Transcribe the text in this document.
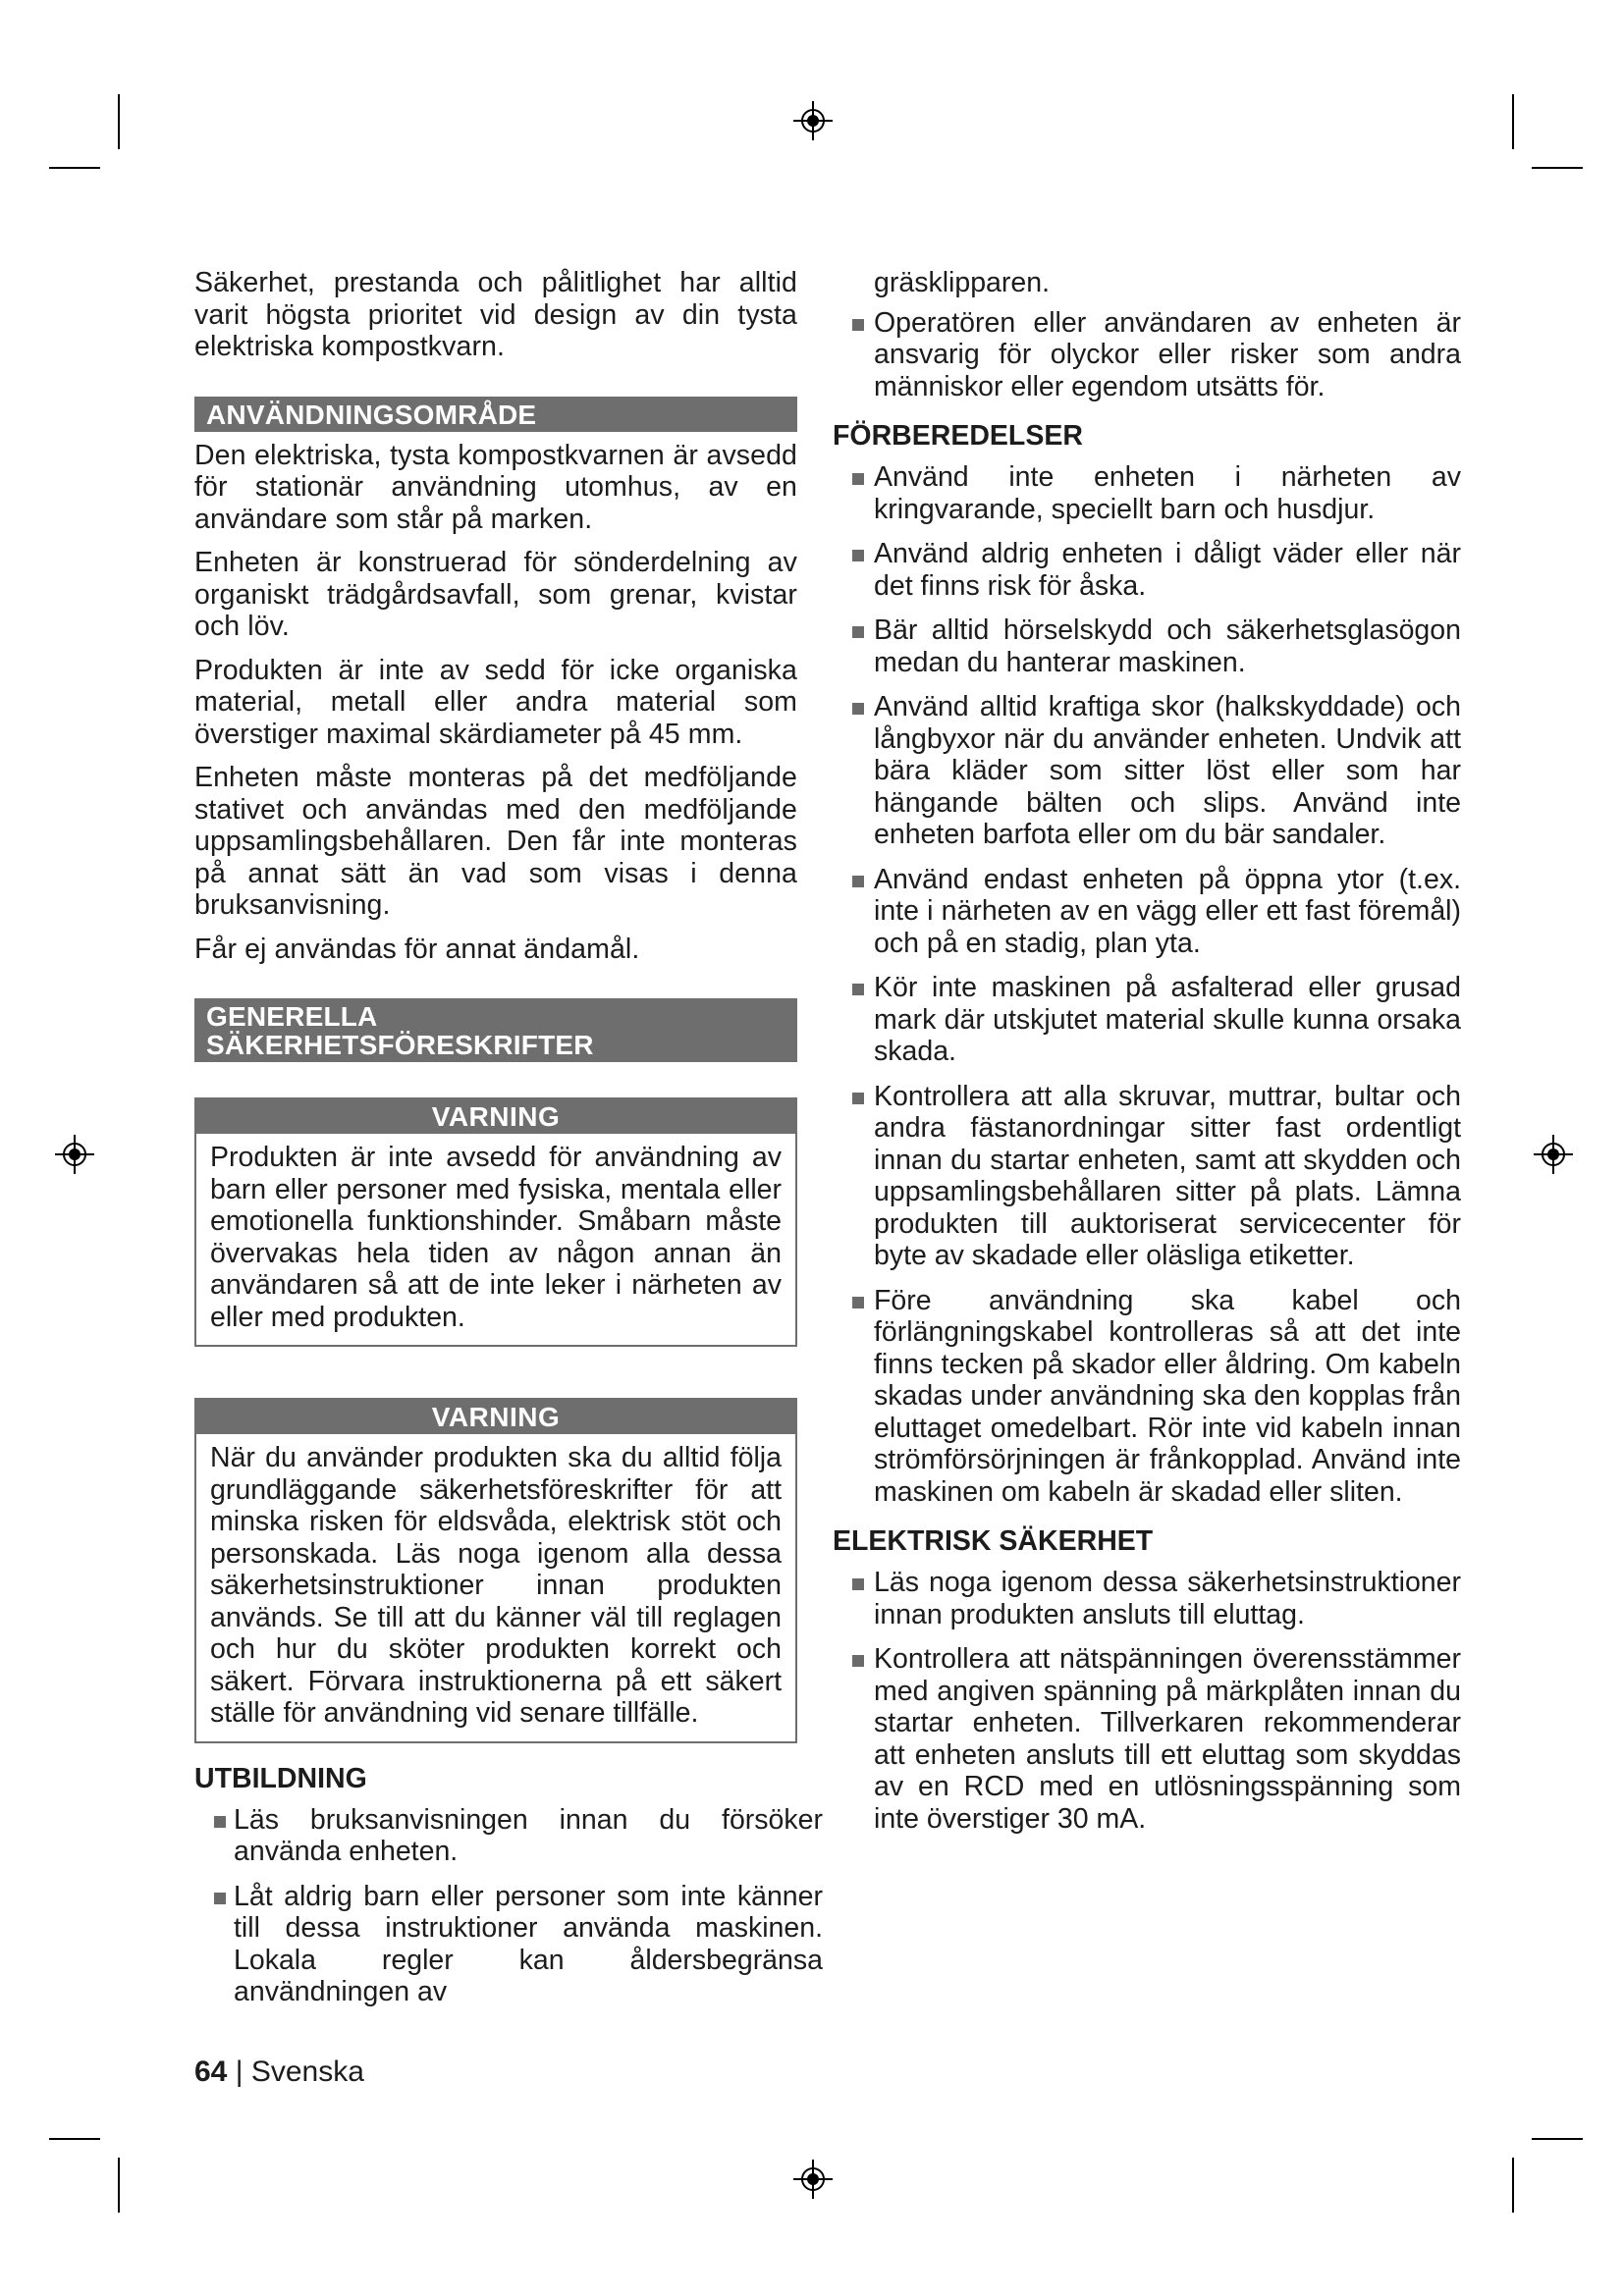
Säkerhet, prestanda och pålitlighet har alltid varit högsta prioritet vid design av din tysta elektriska kompostkvarn.

ANVÄNDNINGSOMRÅDE

Den elektriska, tysta kompostkvarnen är avsedd för stationär användning utomhus, av en användare som står på marken.

Enheten är konstruerad för sönderdelning av organiskt trädgårdsavfall, som grenar, kvistar och löv.

Produkten är inte av sedd för icke organiska material, metall eller andra material som överstiger maximal skärdiameter på 45 mm.

Enheten måste monteras på det medföljande stativet och användas med den medföljande uppsamlingsbehållaren. Den får inte monteras på annat sätt än vad som visas i denna bruksanvisning.

Får ej användas för annat ändamål.

GENERELLA
SÄKERHETSFÖRESKRIFTER
VARNING
Produkten är inte avsedd för användning av barn eller personer med fysiska, mentala eller emotionella funktionshinder. Småbarn måste övervakas hela tiden av någon annan än användaren så att de inte leker i närheten av eller med produkten.
VARNING
När du använder produkten ska du alltid följa grundläggande säkerhetsföreskrifter för att minska risken för eldsvåda, elektrisk stöt och personskada. Läs noga igenom alla dessa säkerhetsinstruktioner innan produkten används. Se till att du känner väl till reglagen och hur du sköter produkten korrekt och säkert. Förvara instruktionerna på ett säkert ställe för användning vid senare tillfälle.
UTBILDNING
Läs bruksanvisningen innan du försöker använda enheten.
Låt aldrig barn eller personer som inte känner till dessa instruktioner använda maskinen. Lokala regler kan åldersbegränsa användningen av
gräsklipparen.
Operatören eller användaren av enheten är ansvarig för olyckor eller risker som andra människor eller egendom utsätts för.
FÖRBEREDELSER
Använd inte enheten i närheten av kringvarande, speciellt barn och husdjur.
Använd aldrig enheten i dåligt väder eller när det finns risk för åska.
Bär alltid hörselskydd och säkerhetsglasögon medan du hanterar maskinen.
Använd alltid kraftiga skor (halkskyddade) och långbyxor när du använder enheten. Undvik att bära kläder som sitter löst eller som har hängande bälten och slips. Använd inte enheten barfota eller om du bär sandaler.
Använd endast enheten på öppna ytor (t.ex. inte i närheten av en vägg eller ett fast föremål) och på en stadig, plan yta.
Kör inte maskinen på asfalterad eller grusad mark där utskjutet material skulle kunna orsaka skada.
Kontrollera att alla skruvar, muttrar, bultar och andra fästanordningar sitter fast ordentligt innan du startar enheten, samt att skydden och uppsamlingsbehållaren sitter på plats. Lämna produkten till auktoriserat servicecenter för byte av skadade eller oläsliga etiketter.
Före användning ska kabel och förlängningskabel kontrolleras så att det inte finns tecken på skador eller åldring. Om kabeln skadas under användning ska den kopplas från eluttaget omedelbart. Rör inte vid kabeln innan strömförsörjningen är frånkopplad. Använd inte maskinen om kabeln är skadad eller sliten.
ELEKTRISK SÄKERHET
Läs noga igenom dessa säkerhetsinstruktioner innan produkten ansluts till eluttag.
Kontrollera att nätspänningen överensstämmer med angiven spänning på märkplåten innan du startar enheten. Tillverkaren rekommenderar att enheten ansluts till ett eluttag som skyddas av en RCD med en utlösningsspänning som inte överstiger 30 mA.
64 | Svenska
